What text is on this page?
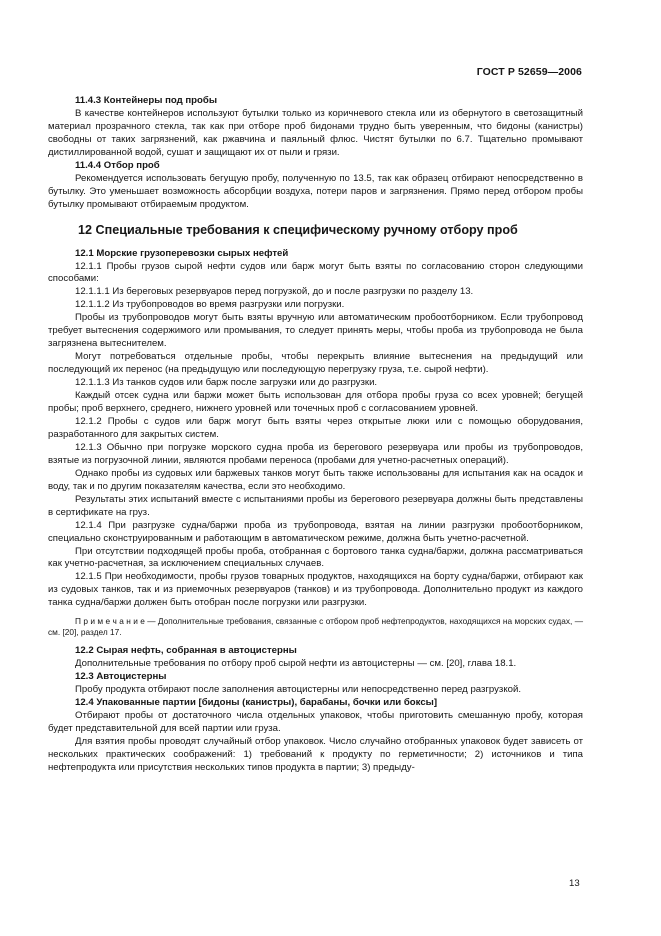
ГОСТ Р 52659—2006

11.4.3 Контейнеры под пробы

В качестве контейнеров используют бутылки только из коричневого стекла или из обернутого в светозащитный материал прозрачного стекла, так как при отборе проб бидонами трудно быть уверенным, что бидоны (канистры) свободны от таких загрязнений, как ржавчина и паяльный флюс. Чистят бутылки по 6.7. Тщательно промывают дистиллированной водой, сушат и защищают их от пыли и грязи.

11.4.4 Отбор проб

Рекомендуется использовать бегущую пробу, полученную по 13.5, так как образец отбирают непосредственно в бутылку. Это уменьшает возможность абсорбции воздуха, потери паров и загрязнения. Прямо перед отбором пробы бутылку промывают отбираемым продуктом.

12 Специальные требования к специфическому ручному отбору проб

12.1 Морские грузоперевозки сырых нефтей

12.1.1 Пробы грузов сырой нефти судов или барж могут быть взяты по согласованию сторон следующими способами:

12.1.1.1 Из береговых резервуаров перед погрузкой, до и после разгрузки по разделу 13.

12.1.1.2 Из трубопроводов во время разгрузки или погрузки.

Пробы из трубопроводов могут быть взяты вручную или автоматическим пробоотборником. Если трубопровод требует вытеснения содержимого или промывания, то следует принять меры, чтобы проба из трубопровода не была загрязнена вытеснителем.

Могут потребоваться отдельные пробы, чтобы перекрыть влияние вытеснения на предыдущий или последующий их перенос (на предыдущую или последующую перегрузку груза, т.е. сырой нефти).

12.1.1.3 Из танков судов или барж после загрузки или до разгрузки.

Каждый отсек судна или баржи может быть использован для отбора пробы груза со всех уровней; бегущей пробы; проб верхнего, среднего, нижнего уровней или точечных проб с согласованием уровней.

12.1.2 Пробы с судов или барж могут быть взяты через открытые люки или с помощью оборудования, разработанного для закрытых систем.

12.1.3 Обычно при погрузке морского судна проба из берегового резервуара или пробы из трубопроводов, взятые из погрузочной линии, являются пробами переноса (пробами для учетно-расчетных операций).

Однако пробы из судовых или баржевых танков могут быть также использованы для испытания как на осадок и воду, так и по другим показателям качества, если это необходимо.

Результаты этих испытаний вместе с испытаниями пробы из берегового резервуара должны быть представлены в сертификате на груз.

12.1.4 При разгрузке судна/баржи проба из трубопровода, взятая на линии разгрузки пробоотборником, специально сконструированным и работающим в автоматическом режиме, должна быть учетно-расчетной.

При отсутствии подходящей пробы проба, отобранная с бортового танка судна/баржи, должна рассматриваться как учетно-расчетная, за исключением специальных случаев.

12.1.5 При необходимости, пробы грузов товарных продуктов, находящихся на борту судна/баржи, отбирают как из судовых танков, так и из приемочных резервуаров (танков) и из трубопровода. Дополнительно продукт из каждого танка судна/баржи должен быть отобран после погрузки или разгрузки.

П р и м е ч а н и е — Дополнительные требования, связанные с отбором проб нефтепродуктов, находящихся на морских судах, — см. [20], раздел 17.

12.2 Сырая нефть, собранная в автоцистерны

Дополнительные требования по отбору проб сырой нефти из автоцистерны — см. [20], глава 18.1.

12.3 Автоцистерны

Пробу продукта отбирают после заполнения автоцистерны или непосредственно перед разгрузкой.

12.4 Упакованные партии [бидоны (канистры), барабаны, бочки или боксы]

Отбирают пробы от достаточного числа отдельных упаковок, чтобы приготовить смешанную пробу, которая будет представительной для всей партии или груза.

Для взятия пробы проводят случайный отбор упаковок. Число случайно отобранных упаковок будет зависеть от нескольких практических соображений: 1) требований к продукту по герметичности; 2) источников и типа нефтепродукта или присутствия нескольких типов продукта в партии; 3) предыду-

13
